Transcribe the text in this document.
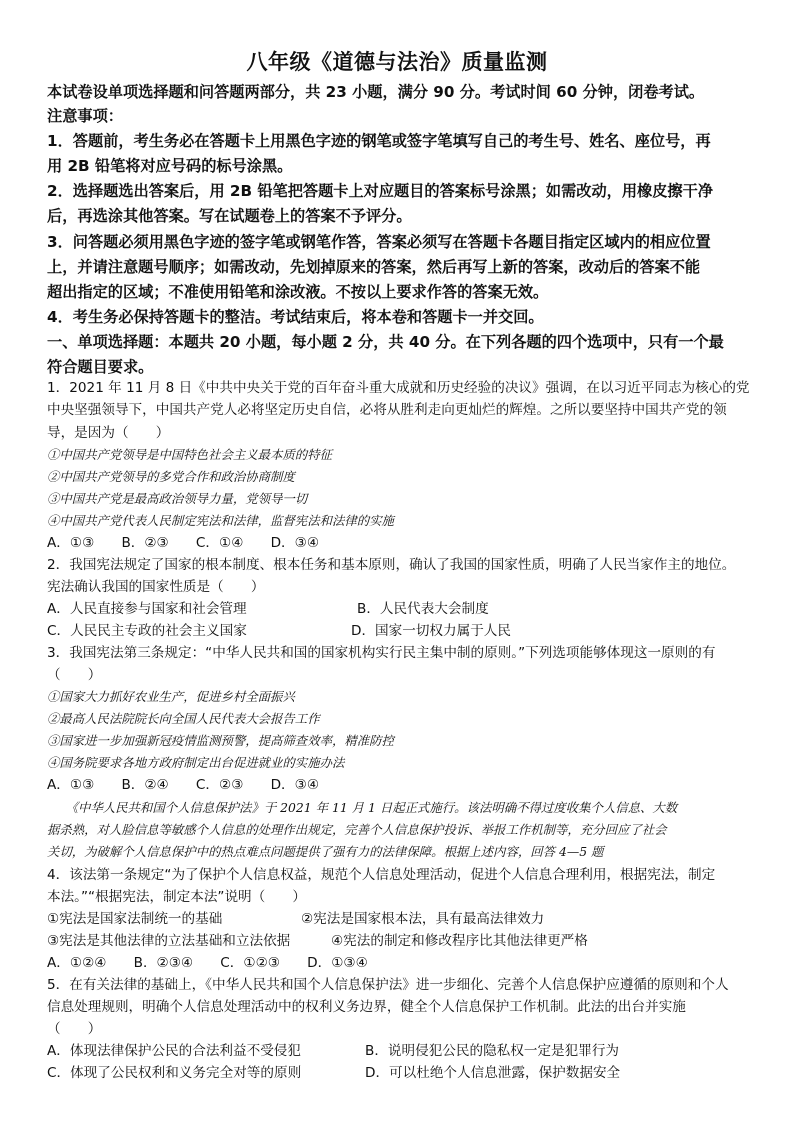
八年级《道德与法治》质量监测
本试卷设单项选择题和问答题两部分，共 23 小题，满分 90 分。考试时间 60 分钟，闭卷考试。
注意事项：
1．答题前，考生务必在答题卡上用黑色字迹的钢笔或签字笔填写自己的考生号、姓名、座位号，再
用 2B 铅笔将对应号码的标号涂黑。
2．选择题选出答案后，用 2B 铅笔把答题卡上对应题目的答案标号涂黑；如需改动，用橡皮擦干净
后，再选涂其他答案。写在试题卷上的答案不予评分。
3．问答题必须用黑色字迹的签字笔或钢笔作答，答案必须写在答题卡各题目指定区域内的相应位置
上，并请注意题号顺序；如需改动，先划掉原来的答案，然后再写上新的答案，改动后的答案不能
超出指定的区域；不准使用铅笔和涂改液。不按以上要求作答的答案无效。
4．考生务必保持答题卡的整洁。考试结束后，将本卷和答题卡一并交回。
一、单项选择题：本题共 20 小题，每小题 2 分，共 40 分。在下列各题的四个选项中，只有一个最
符合题目要求。
1．2021 年 11 月 8 日《中共中央关于党的百年奋斗重大成就和历史经验的决议》强调，在以习近平同志为核心的党
中央坚强领导下，中国共产党人必将坚定历史自信，必将从胜利走向更灿烂的辉煌。之所以要坚持中国共产党的领
导，是因为（　　）
①中国共产党领导是中国特色社会主义最本质的特征
②中国共产党领导的多党合作和政治协商制度
③中国共产党是最高政治领导力量，党领导一切
④中国共产党代表人民制定宪法和法律，监督宪法和法律的实施
A．①③　　B．②③　　C．①④　　D．③④
2．我国宪法规定了国家的根本制度、根本任务和基本原则，确认了我国的国家性质，明确了人民当家作主的地位。
宪法确认我国的国家性质是（　　）
A．人民直接参与国家和社会管理	B．人民代表大会制度
C．人民民主专政的社会主义国家	D．国家一切权力属于人民
3．我国宪法第三条规定：“中华人民共和国的国家机构实行民主集中制的原则。”下列选项能够体现这一原则的有
（　　）
①国家大力抓好农业生产，促进乡村全面振兴
②最高人民法院院长向全国人民代表大会报告工作
③国家进一步加强新冠疫情监测预警，提高筛查效率，精准防控
④国务院要求各地方政府制定出台促进就业的实施办法
A．①③　　B．②④　　C．②③　　D．③④
　　《中华人民共和国个人信息保护法》于 2021 年 11 月 1 日起正式施行。该法明确不得过度收集个人信息、大数
据杀熟，对人脸信息等敏感个人信息的处理作出规定，完善个人信息保护投诉、举报工作机制等，充分回应了社会
关切，为破解个人信息保护中的热点难点问题提供了强有力的法律保障。根据上述内容，回答 4—5 题
4．该法第一条规定“为了保护个人信息权益，规范个人信息处理活动，促进个人信息合理利用，根据宪法，制定
本法。”“根据宪法，制定本法”说明（　　）
①宪法是国家法制统一的基础	②宪法是国家根本法，具有最高法律效力
③宪法是其他法律的立法基础和立法依据	④宪法的制定和修改程序比其他法律更严格
A．①②④　　B．②③④　　C．①②③　　D．①③④
5．在有关法律的基础上，《中华人民共和国个人信息保护法》进一步细化、完善个人信息保护应遵循的原则和个人
信息处理规则，明确个人信息处理活动中的权利义务边界，健全个人信息保护工作机制。此法的出台并实施
（　　）
A．体现法律保护公民的合法利益不受侵犯	B．说明侵犯公民的隐私权一定是犯罪行为
C．体现了公民权利和义务完全对等的原则	D．可以杜绝个人信息泄露，保护数据安全
